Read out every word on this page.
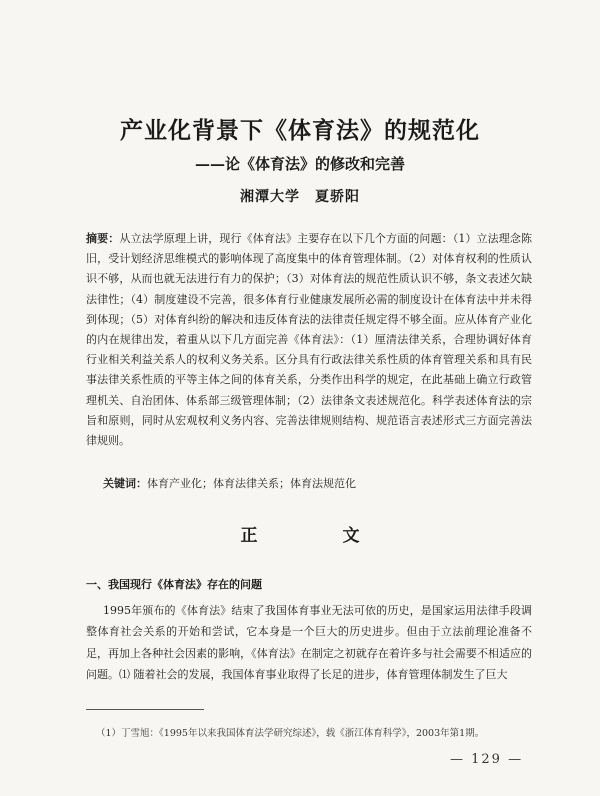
产业化背景下《体育法》的规范化
——论《体育法》的修改和完善
湘潭大学　夏骄阳
摘要：从立法学原理上讲，现行《体育法》主要存在以下几个方面的问题：（1）立法理念陈旧，受计划经济思维模式的影响体现了高度集中的体育管理体制。（2）对体育权利的性质认识不够，从而也就无法进行有力的保护；（3）对体育法的规范性质认识不够，条文表述欠缺法律性；（4）制度建设不完善，很多体育行业健康发展所必需的制度设计在体育法中并未得到体现；（5）对体育纠纷的解决和违反体育法的法律责任规定得不够全面。应从体育产业化的内在规律出发，着重从以下几方面完善《体育法》：（1）厘清法律关系，合理协调好体育行业相关利益关系人的权利义务关系。区分具有行政法律关系性质的体育管理关系和具有民事法律关系性质的平等主体之间的体育关系，分类作出科学的规定，在此基础上确立行政管理机关、自治团体、体系部三级管理体制；（2）法律条文表述规范化。科学表述体育法的宗旨和原则，同时从宏观权利义务内容、完善法律规则结构、规范语言表述形式三方面完善法律规则。
关键词：体育产业化；体育法律关系；体育法规范化
正　文
一、我国现行《体育法》存在的问题
1995年颁布的《体育法》结束了我国体育事业无法可依的历史，是国家运用法律手段调整体育社会关系的开始和尝试，它本身是一个巨大的历史进步。但由于立法前理论准备不足，再加上各种社会因素的影响，《体育法》在制定之初就存在着许多与社会需要不相适应的问题。⑴ 随着社会的发展，我国体育事业取得了长足的进步，体育管理体制发生了巨大
（1）丁雪旭：《1995年以来我国体育法学研究综述》，载《浙江体育科学》，2003年第1期。
— 129 —
